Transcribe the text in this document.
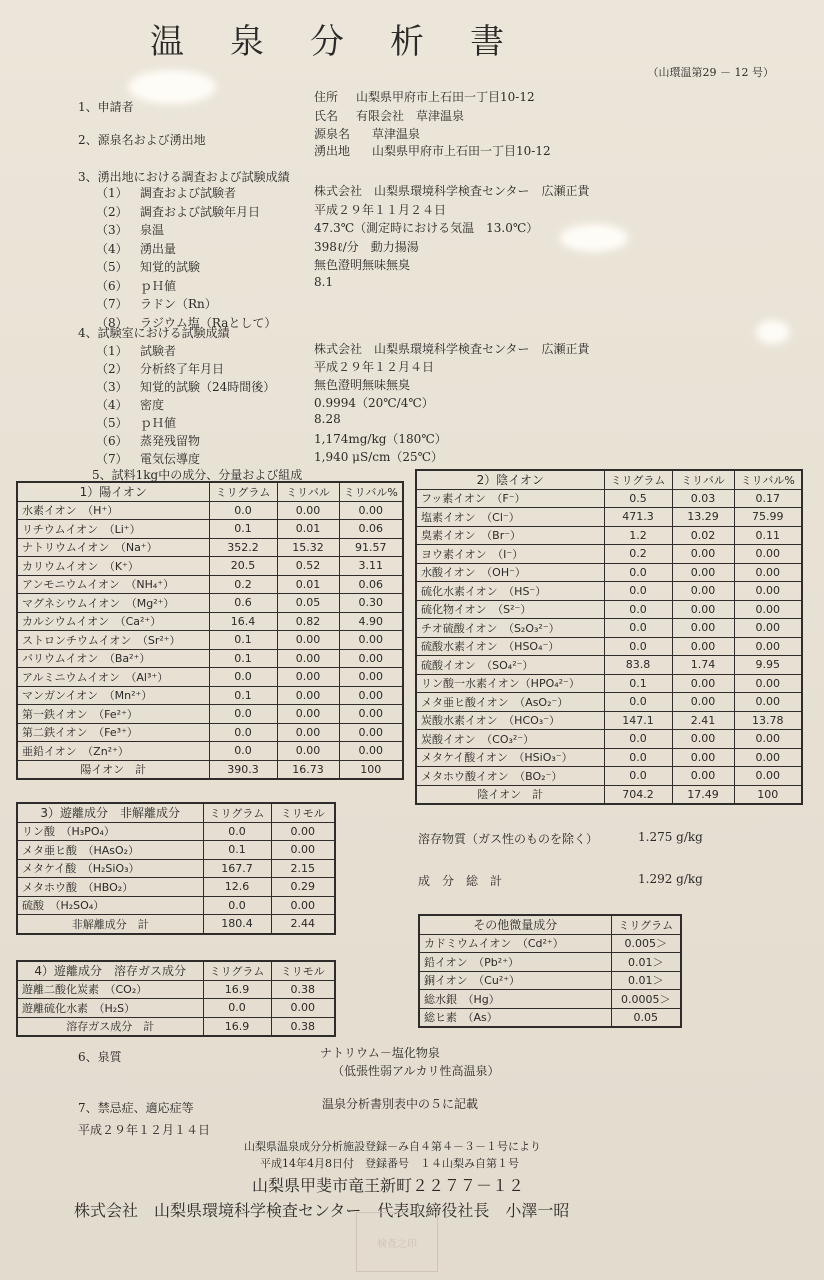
温泉分析書
（山環温第29 － 12 号）
1、申請者
住所 山梨県甲府市上石田一丁目10-12
氏名 有限会社　草津温泉
2、源泉名および湧出地	源泉名 草津温泉
湧出地 山梨県甲府市上石田一丁目10-12
3、湧出地における調査および試験成績
（1） 調査および試験者	株式会社　山梨県環境科学検査センター　広瀬正貴
（2） 調査および試験年月日	平成２９年１１月２４日
（3） 泉温	47.3℃（測定時における気温　13.0℃）
（4） 湧出量	398ℓ/分　動力揚湯
（5） 知覚的試験	無色澄明無味無臭
（6） ｐＨ値	8.1
（7） ラドン（Rn）
（8） ラジウム塩（Raとして）
4、試験室における試験成績
（1） 試験者	株式会社　山梨県環境科学検査センター　広瀬正貴
（2） 分析終了年月日	平成２９年１２月４日
（3） 知覚的試験（24時間後）	無色澄明無味無臭
（4） 密度	0.9994（20℃/4℃）
（5） ｐＨ値	8.28
（6） 蒸発残留物	1,174mg/kg（180℃）
（7） 電気伝導度	1,940 μS/cm（25℃）
5、試料1kg中の成分、分量および組成
1）陽イオン	ミリグラム	ミリバル	ミリバル%
水素イオン　（H⁺）	0.0	0.00	0.00
リチウムイオン　（Li⁺）	0.1	0.01	0.06
ナトリウムイオン　（Na⁺）	352.2	15.32	91.57
カリウムイオン　（K⁺）	20.5	0.52	3.11
アンモニウムイオン　（NH₄⁺）	0.2	0.01	0.06
マグネシウムイオン　（Mg²⁺）	0.6	0.05	0.30
カルシウムイオン　（Ca²⁺）	16.4	0.82	4.90
ストロンチウムイオン　（Sr²⁺）	0.1	0.00	0.00
バリウムイオン　（Ba²⁺）	0.1	0.00	0.00
アルミニウムイオン　（Al³⁺）	0.0	0.00	0.00
マンガンイオン　（Mn²⁺）	0.1	0.00	0.00
第一鉄イオン　（Fe²⁺）	0.0	0.00	0.00
第二鉄イオン　（Fe³⁺）	0.0	0.00	0.00
亜鉛イオン　（Zn²⁺）	0.0	0.00	0.00
陽イオン　計	390.3	16.73	100
2）陰イオン	ミリグラム	ミリバル	ミリバル%
フッ素イオン　（F⁻）	0.5	0.03	0.17
塩素イオン　（Cl⁻）	471.3	13.29	75.99
臭素イオン　（Br⁻）	1.2	0.02	0.11
ヨウ素イオン　（I⁻）	0.2	0.00	0.00
水酸イオン　（OH⁻）	0.0	0.00	0.00
硫化水素イオン　（HS⁻）	0.0	0.00	0.00
硫化物イオン　（S²⁻）	0.0	0.00	0.00
チオ硫酸イオン　（S₂O₃²⁻）	0.0	0.00	0.00
硫酸水素イオン　（HSO₄⁻）	0.0	0.00	0.00
硫酸イオン　（SO₄²⁻）	83.8	1.74	9.95
リン酸一水素イオン（HPO₄²⁻）	0.1	0.00	0.00
メタ亜ヒ酸イオン　（AsO₂⁻）	0.0	0.00	0.00
炭酸水素イオン　（HCO₃⁻）	147.1	2.41	13.78
炭酸イオン　（CO₃²⁻）	0.0	0.00	0.00
メタケイ酸イオン　（HSiO₃⁻）	0.0	0.00	0.00
メタホウ酸イオン　（BO₂⁻）	0.0	0.00	0.00
陰イオン　計	704.2	17.49	100
3）遊離成分　非解離成分	ミリグラム	ミリモル
リン酸　（H₃PO₄）	0.0	0.00
メタ亜ヒ酸　（HAsO₂）	0.1	0.00
メタケイ酸　（H₂SiO₃）	167.7	2.15
メタホウ酸　（HBO₂）	12.6	0.29
硫酸　（H₂SO₄）	0.0	0.00
非解離成分　計	180.4	2.44
4）遊離成分　溶存ガス成分	ミリグラム	ミリモル
遊離二酸化炭素　（CO₂）	16.9	0.38
遊離硫化水素　（H₂S）	0.0	0.00
溶存ガス成分　計	16.9	0.38
溶存物質（ガス性のものを除く）	1.275 g/kg
成　分　総　計	1.292 g/kg
その他微量成分	ミリグラム
カドミウムイオン　（Cd²⁺）	0.005＞
鉛イオン　（Pb²⁺）	0.01＞
銅イオン　（Cu²⁺）	0.01＞
総水銀　（Hg）	0.0005＞
総ヒ素　（As）	0.05
6、泉質	ナトリウム－塩化物泉
（低張性弱アルカリ性高温泉）
7、禁忌症、適応症等	温泉分析書別表中の５に記載
平成２９年１２月１４日
山梨県温泉成分分析施設登録－み自４第４－３－１号により
平成14年4月8日付　登録番号　１４山梨み自第１号
山梨県甲斐市竜王新町２２７７－１２
株式会社　山梨県環境科学検査センター　代表取締役社長　小澤一昭
検査之印
